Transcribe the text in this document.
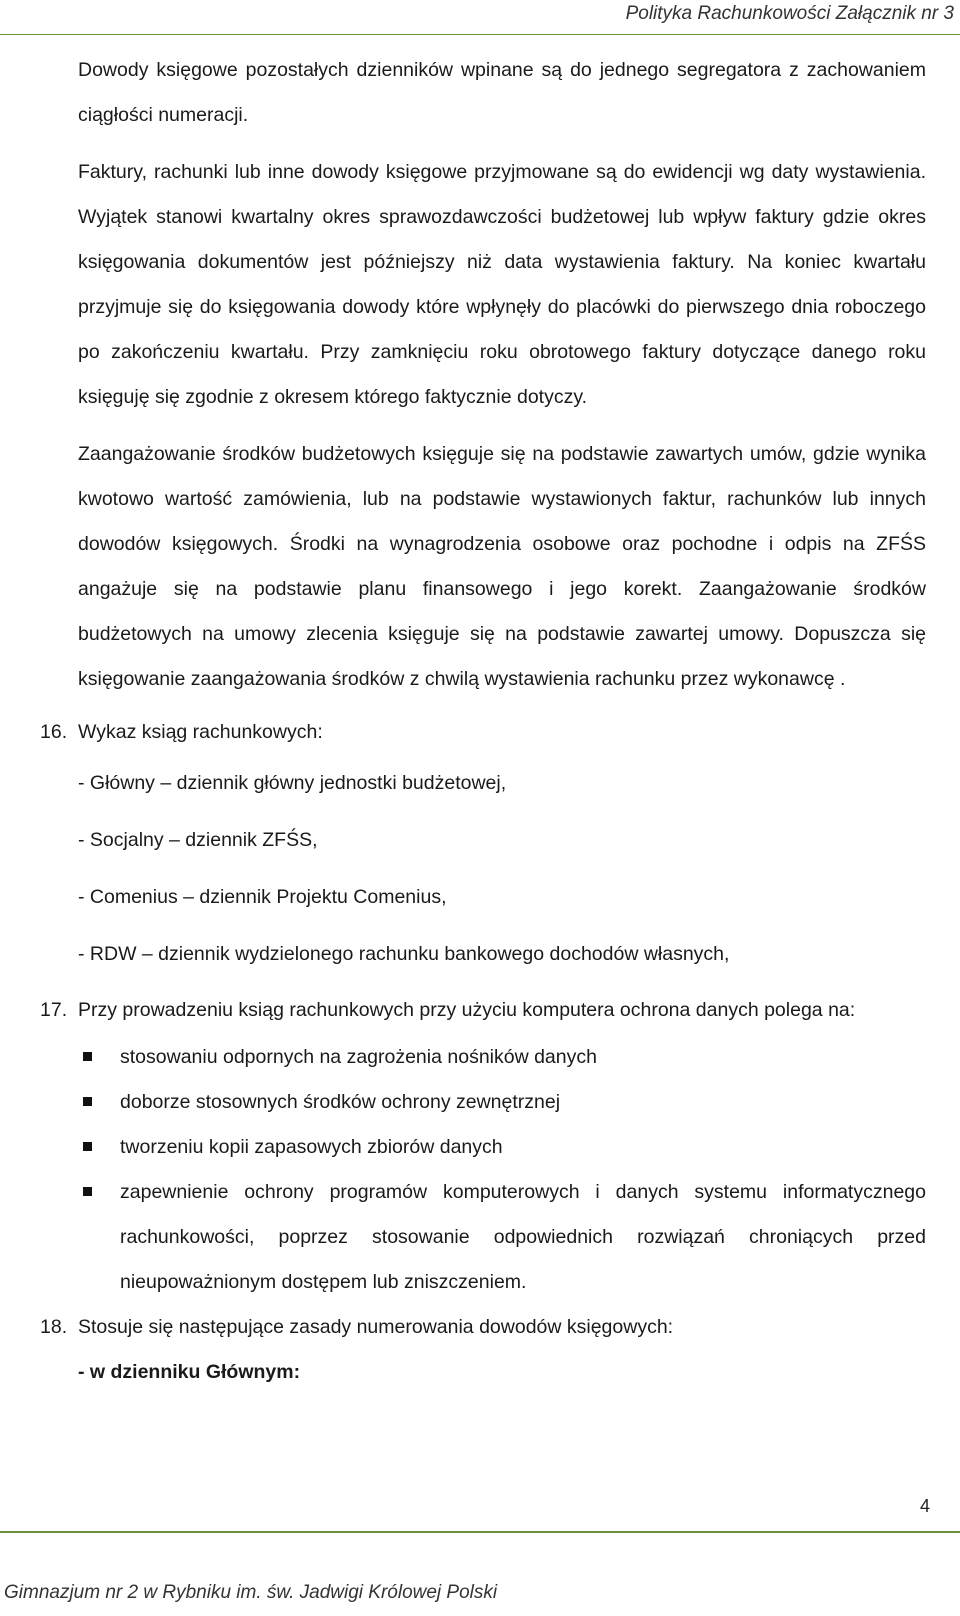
Polityka Rachunkowości Załącznik nr 3

Dowody księgowe pozostałych dzienników wpinane są do jednego segregatora z zachowaniem ciągłości numeracji.

Faktury, rachunki lub inne dowody księgowe przyjmowane są do ewidencji wg daty wystawienia. Wyjątek stanowi kwartalny okres sprawozdawczości budżetowej lub wpływ faktury gdzie okres księgowania dokumentów jest późniejszy niż data wystawienia faktury. Na koniec kwartału przyjmuje się do księgowania dowody które wpłynęły do placówki do pierwszego dnia roboczego po zakończeniu kwartału. Przy zamknięciu roku obrotowego faktury dotyczące danego roku księguję się zgodnie z okresem którego faktycznie dotyczy.

Zaangażowanie środków budżetowych księguje się na podstawie zawartych umów, gdzie wynika kwotowo wartość zamówienia, lub na podstawie wystawionych faktur, rachunków lub innych dowodów księgowych. Środki na wynagrodzenia osobowe oraz pochodne i odpis na ZFŚS angażuje się na podstawie planu finansowego i jego korekt. Zaangażowanie środków budżetowych na umowy zlecenia księguje się na podstawie zawartej umowy. Dopuszcza się księgowanie zaangażowania środków z chwilą wystawienia rachunku przez wykonawcę .

16. Wykaz ksiąg rachunkowych:

- Główny – dziennik główny jednostki budżetowej,

- Socjalny – dziennik ZFŚS,

- Comenius – dziennik Projektu Comenius,

- RDW – dziennik wydzielonego rachunku bankowego dochodów własnych,

17. Przy prowadzeniu ksiąg rachunkowych przy użyciu komputera ochrona danych polega na:
stosowaniu odpornych na zagrożenia nośników danych
doborze stosownych środków ochrony zewnętrznej
tworzeniu kopii zapasowych zbiorów danych
zapewnienie ochrony programów komputerowych i danych systemu informatycznego rachunkowości, poprzez stosowanie odpowiednich rozwiązań chroniących przed nieupoważnionym dostępem lub zniszczeniem.
18. Stosuje się następujące zasady numerowania dowodów księgowych:
- w dzienniku Głównym:
4
Gimnazjum nr 2 w Rybniku im. św. Jadwigi Królowej Polski
